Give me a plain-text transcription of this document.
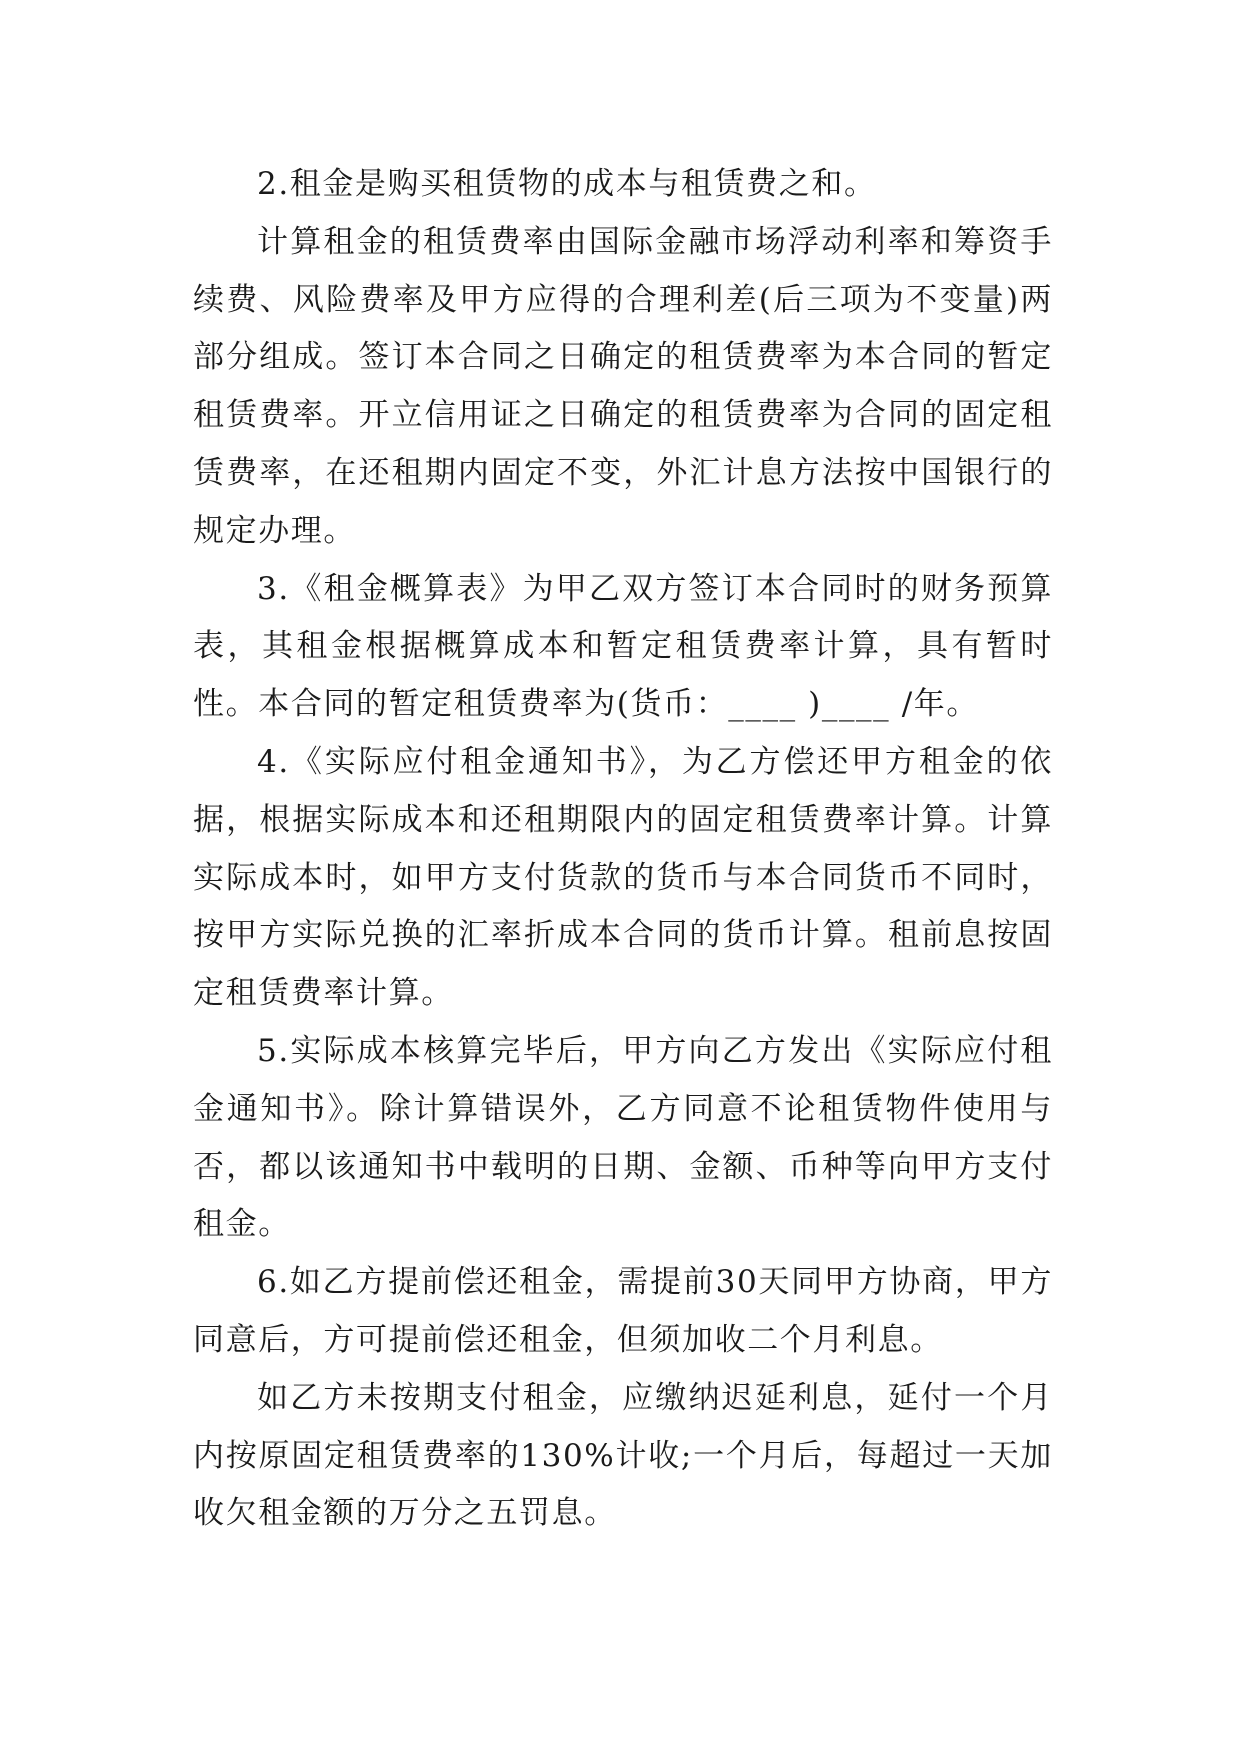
2.租金是购买租赁物的成本与租赁费之和。

计算租金的租赁费率由国际金融市场浮动利率和筹资手续费、风险费率及甲方应得的合理利差(后三项为不变量)两部分组成。签订本合同之日确定的租赁费率为本合同的暂定租赁费率。开立信用证之日确定的租赁费率为合同的固定租赁费率，在还租期内固定不变，外汇计息方法按中国银行的规定办理。

3.《租金概算表》为甲乙双方签订本合同时的财务预算表，其租金根据概算成本和暂定租赁费率计算，具有暂时性。本合同的暂定租赁费率为(货币：____ )____ /年。

4.《实际应付租金通知书》，为乙方偿还甲方租金的依据，根据实际成本和还租期限内的固定租赁费率计算。计算实际成本时，如甲方支付货款的货币与本合同货币不同时，按甲方实际兑换的汇率折成本合同的货币计算。租前息按固定租赁费率计算。

5.实际成本核算完毕后，甲方向乙方发出《实际应付租金通知书》。除计算错误外，乙方同意不论租赁物件使用与否，都以该通知书中载明的日期、金额、币种等向甲方支付租金。

6.如乙方提前偿还租金，需提前30天同甲方协商，甲方同意后，方可提前偿还租金，但须加收二个月利息。

如乙方未按期支付租金，应缴纳迟延利息，延付一个月内按原固定租赁费率的130%计收;一个月后，每超过一天加收欠租金额的万分之五罚息。
